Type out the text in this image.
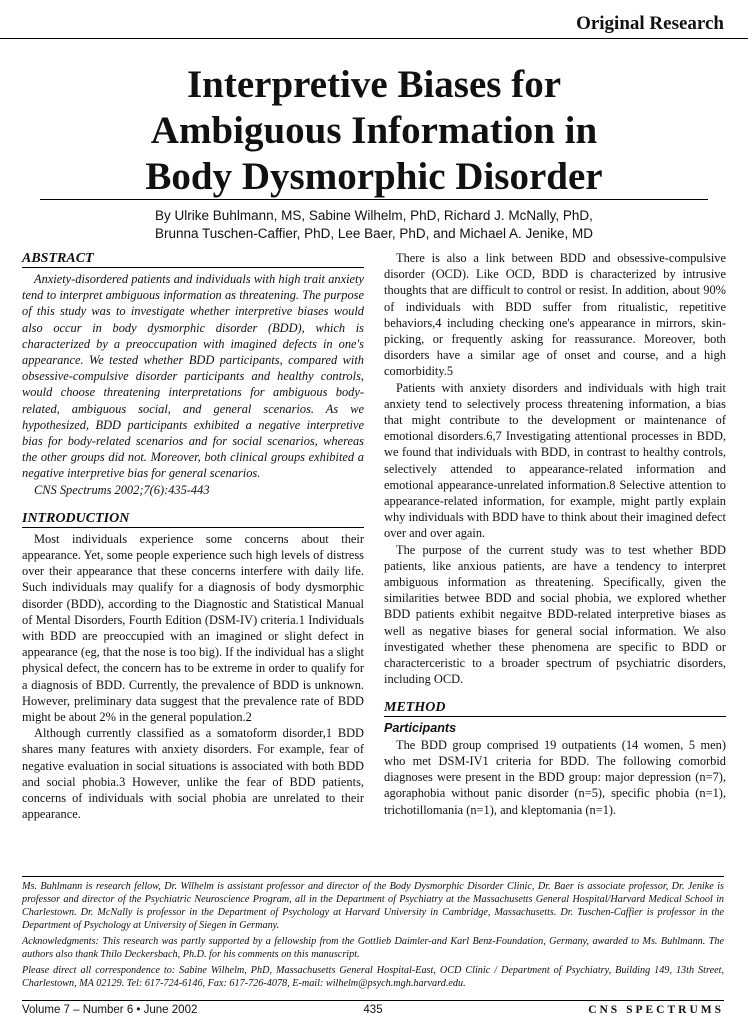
Original Research
Interpretive Biases for
Ambiguous Information in
Body Dysmorphic Disorder
By Ulrike Buhlmann, MS, Sabine Wilhelm, PhD, Richard J. McNally, PhD,
Brunna Tuschen-Caffier, PhD, Lee Baer, PhD, and Michael A. Jenike, MD
ABSTRACT

Anxiety-disordered patients and individuals with high trait anxiety tend to interpret ambiguous information as threatening. The purpose of this study was to investigate whether interpretive biases would also occur in body dysmorphic disorder (BDD), which is characterized by a preoccupation with imagined defects in one's appearance. We tested whether BDD participants, compared with obsessive-compulsive disorder participants and healthy controls, would choose threatening interpretations for ambiguous body-related, ambiguous social, and general scenarios. As we hypothesized, BDD participants exhibited a negative interpretive bias for body-related scenarios and for social scenarios, whereas the other groups did not. Moreover, both clinical groups exhibited a negative interpretive bias for general scenarios.

CNS Spectrums 2002;7(6):435-443

INTRODUCTION

Most individuals experience some concerns about their appearance. Yet, some people experience such high levels of distress over their appearance that these concerns interfere with daily life. Such individuals may qualify for a diagnosis of body dysmorphic disorder (BDD), according to the Diagnostic and Statistical Manual of Mental Disorders, Fourth Edition (DSM-IV) criteria.1 Individuals with BDD are preoccupied with an imagined or slight defect in appearance (eg, that the nose is too big). If the individual has a slight physical defect, the concern has to be extreme in order to qualify for a diagnosis of BDD. Currently, the prevalence of BDD is unknown. However, preliminary data suggest that the prevalence rate of BDD might be about 2% in the general population.2

Although currently classified as a somatoform disorder,1 BDD shares many features with anxiety disorders. For example, fear of negative evaluation in social situations is associated with both BDD and social phobia.3 However, unlike the fear of BDD patients, concerns of individuals with social phobia are unrelated to their appearance.

There is also a link between BDD and obsessive-compulsive disorder (OCD). Like OCD, BDD is characterized by intrusive thoughts that are difficult to control or resist. In addition, about 90% of individuals with BDD suffer from ritualistic, repetitive behaviors,4 including checking one's appearance in mirrors, skin-picking, or frequently asking for reassurance. Moreover, both disorders have a similar age of onset and course, and a high comorbidity.5

Patients with anxiety disorders and individuals with high trait anxiety tend to selectively process threatening information, a bias that might contribute to the development or maintenance of emotional disorders.6,7 Investigating attentional processes in BDD, we found that individuals with BDD, in contrast to healthy controls, selectively attended to appearance-related information and emotional appearance-unrelated information.8 Selective attention to appearance-related information, for example, might partly explain why individuals with BDD have to think about their imagined defect over and over again.

The purpose of the current study was to test whether BDD patients, like anxious patients, are have a tendency to interpret ambiguous information as threatening. Specifically, given the similarities betwee BDD and social phobia, we explored whether BDD patients exhibit negaitve BDD-related interpretive biases as well as negative biases for general social information. We also investigated whether these phenomena are specific to BDD or characterceristic to a broader spectrum of psychiatric disorders, including OCD.

METHOD

Participants

The BDD group comprised 19 outpatients (14 women, 5 men) who met DSM-IV1 criteria for BDD. The following comorbid diagnoses were present in the BDD group: major depression (n=7), agoraphobia without panic disorder (n=5), specific phobia (n=1), trichotillomania (n=1), and kleptomania (n=1).

Ms. Buhlmann is research fellow, Dr. Wilhelm is assistant professor and director of the Body Dysmorphic Disorder Clinic, Dr. Baer is associate professor, Dr. Jenike is professor and director of the Psychiatric Neuroscience Program, all in the Department of Psychiatry at the Massachusetts General Hospital/Harvard Medical School in Charlestown. Dr. McNally is professor in the Department of Psychology at Harvard University in Cambridge, Massachusetts. Dr. Tuschen-Caffier is professor in the Department of Psychology at University of Siegen in Germany.

Acknowledgments: This research was partly supported by a fellowship from the Gottlieb Daimler-and Karl Benz-Foundation, Germany, awarded to Ms. Buhlmann. The authors also thank Thilo Deckersbach, Ph.D. for his comments on this manuscript.

Please direct all correspondence to: Sabine Wilhelm, PhD, Massachusetts General Hospital-East, OCD Clinic / Department of Psychiatry, Building 149, 13th Street, Charlestown, MA 02129. Tel: 617-724-6146, Fax: 617-726-4078, E-mail: wilhelm@psych.mgh.harvard.edu.

Volume 7 – Number 6 • June 2002	435	CNS SPECTRUMS
